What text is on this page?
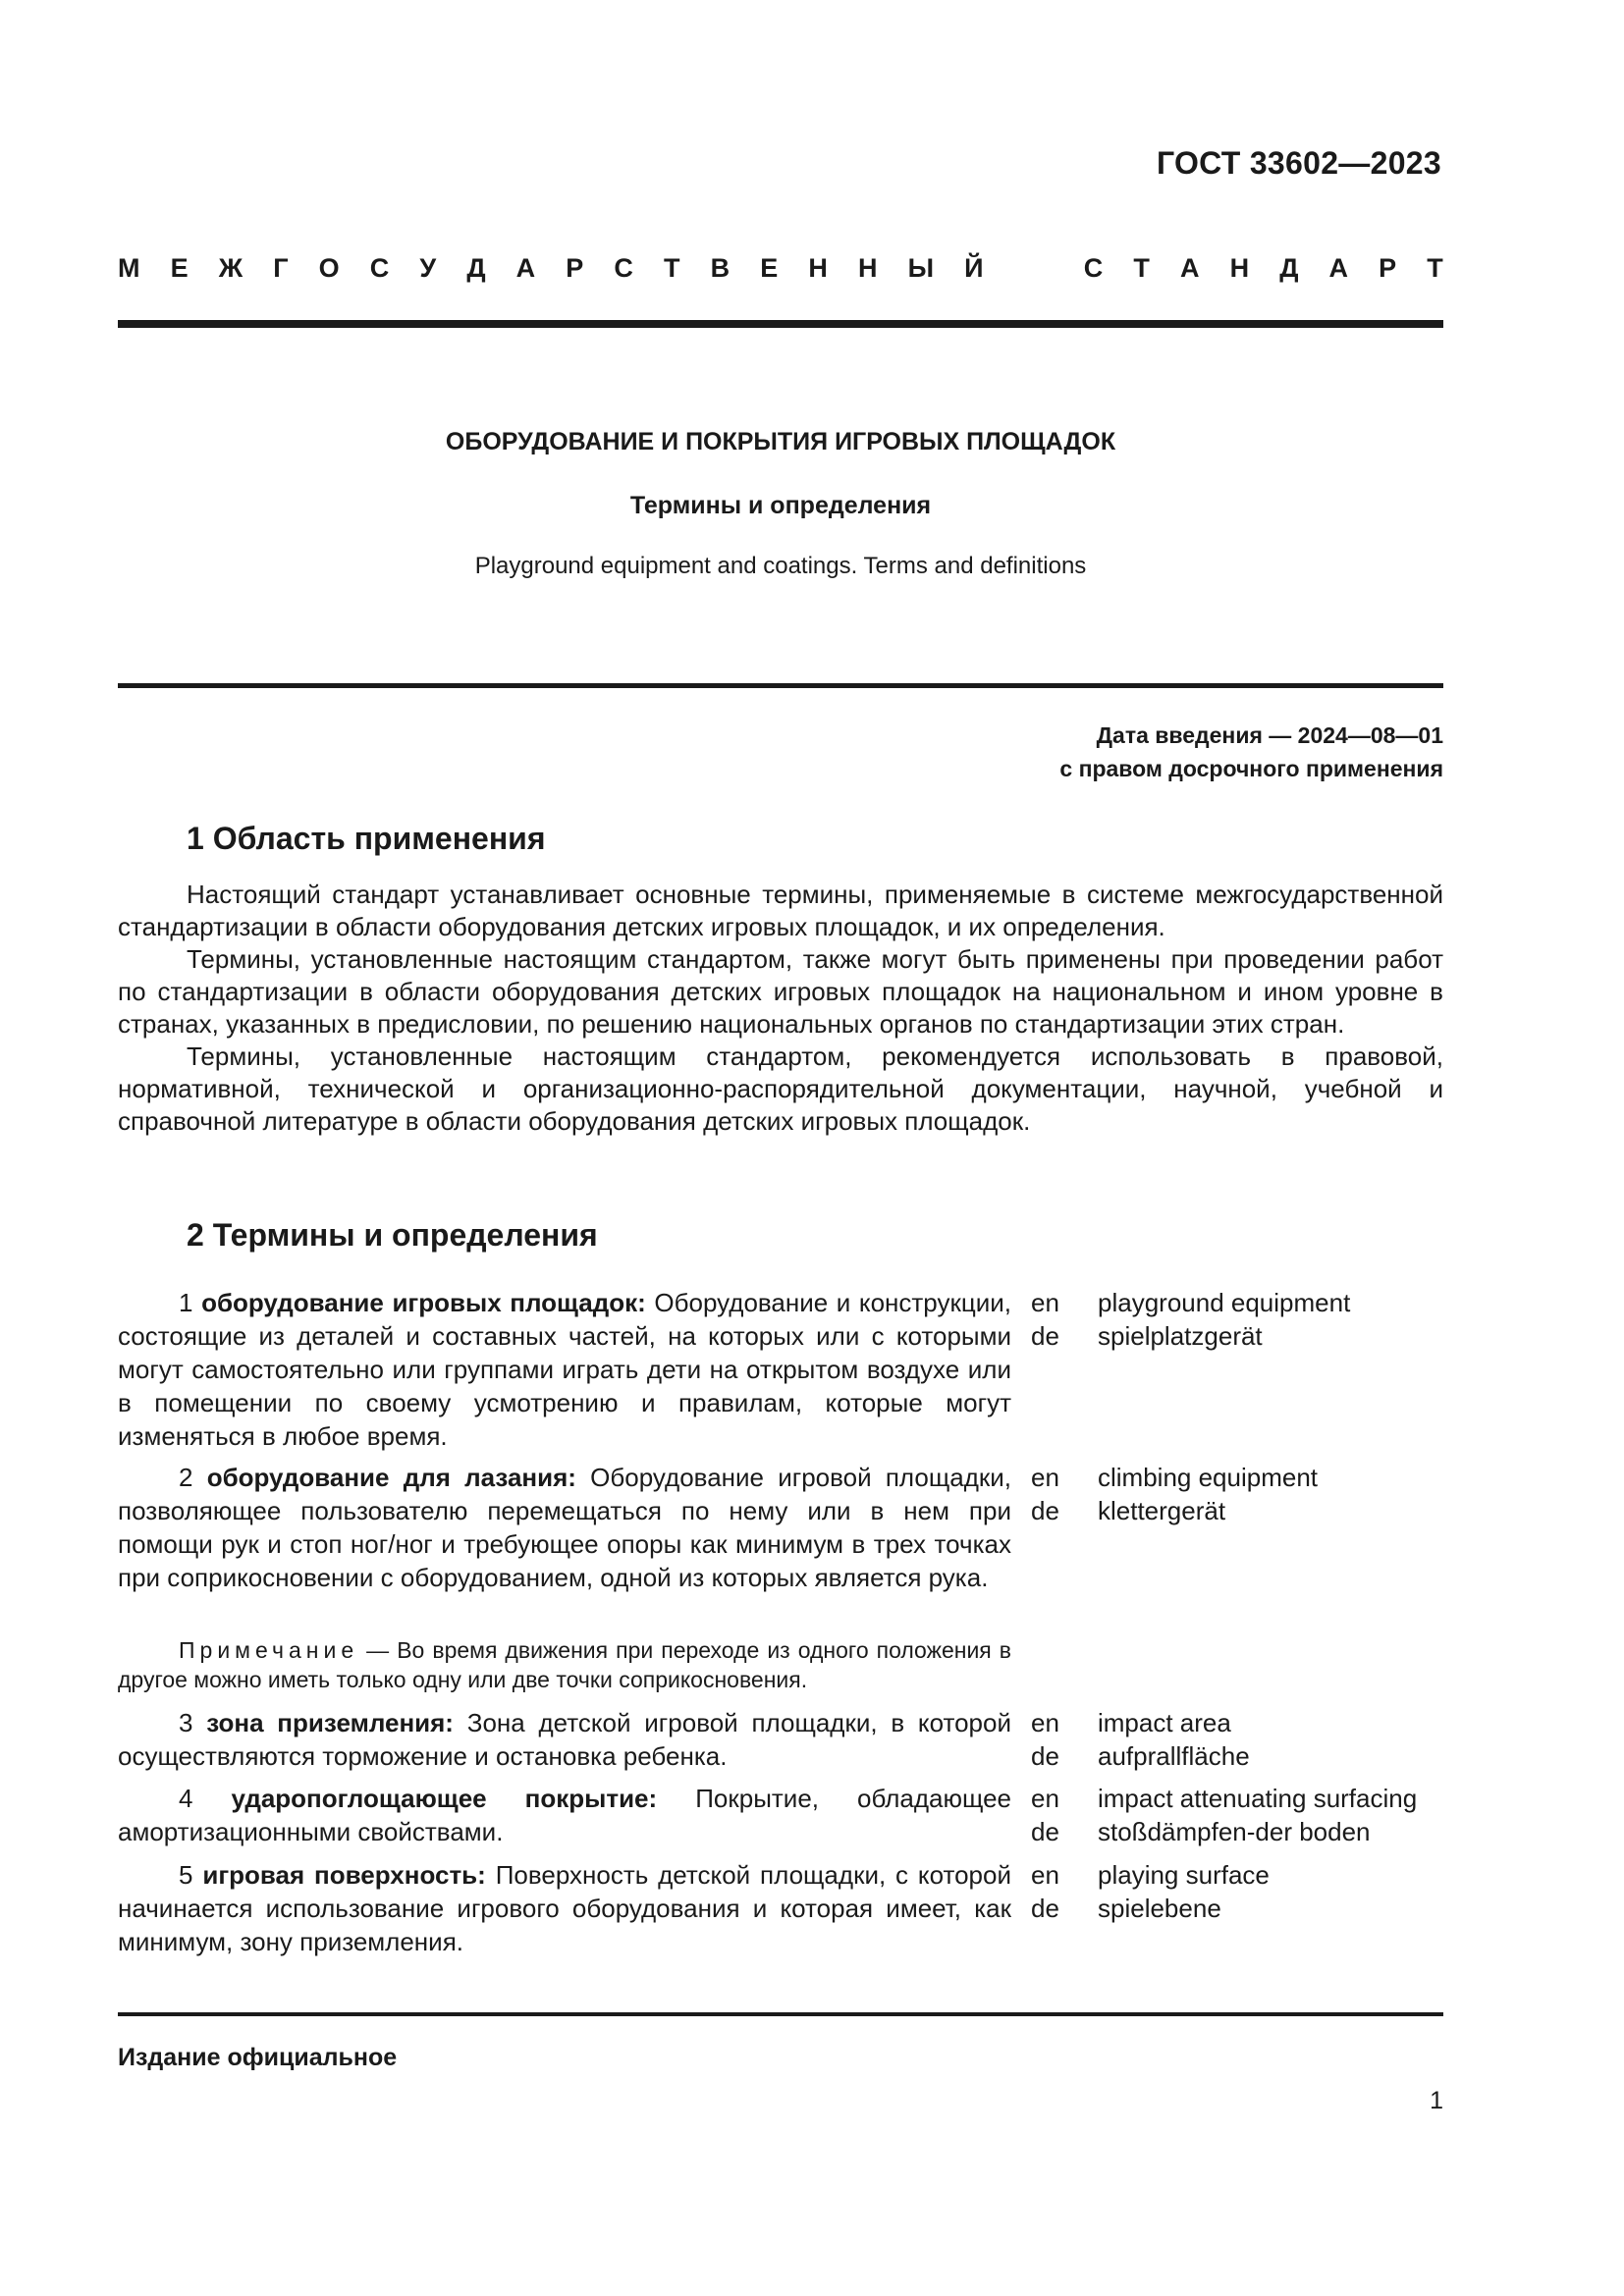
ГОСТ 33602—2023
М Е Ж Г О С У Д А Р С Т В Е Н Н Ы Й	С Т А Н Д А Р Т
ОБОРУДОВАНИЕ И ПОКРЫТИЯ ИГРОВЫХ ПЛОЩАДОК
Термины и определения
Playground equipment and coatings. Terms and definitions
Дата введения — 2024—08—01
с правом досрочного применения
1 Область применения

Настоящий стандарт устанавливает основные термины, применяемые в системе межгосударственной стандартизации в области оборудования детских игровых площадок, и их определения.

Термины, установленные настоящим стандартом, также могут быть применены при проведении работ по стандартизации в области оборудования детских игровых площадок на национальном и ином уровне в странах, указанных в предисловии, по решению национальных органов по стандартизации этих стран.

Термины, установленные настоящим стандартом, рекомендуется использовать в правовой, нормативной, технической и организационно-распорядительной документации, научной, учебной и справочной литературе в области оборудования детских игровых площадок.

2 Термины и определения

1 оборудование игровых площадок: Оборудование и конструкции, состоящие из деталей и составных частей, на которых или с которыми могут самостоятельно или группами играть дети на открытом воздухе или в помещении по своему усмотрению и правилам, которые могут изменяться в любое время.

en
de
playground equipment
spielplatzgerät

2 оборудование для лазания: Оборудование игровой площадки, позволяющее пользователю перемещаться по нему или в нем при помощи рук и стоп ног/ног и требующее опоры как минимум в трех точках при соприкосновении с оборудованием, одной из которых является рука.

en
de
climbing equipment
klettergerät

Примечание — Во время движения при переходе из одного положения в другое можно иметь только одну или две точки соприкосновения.

3 зона приземления: Зона детской игровой площадки, в которой осуществляются торможение и остановка ребенка.

en
de
impact area
aufprallfläche

4 ударопоглощающее покрытие: Покрытие, обладающее амортизационными свойствами.

en
de
impact attenuating surfacing
stoßdämpfen-der boden

5 игровая поверхность: Поверхность детской площадки, с которой начинается использование игрового оборудования и которая имеет, как минимум, зону приземления.

en
de
playing surface
spielebene
Издание официальное
1
